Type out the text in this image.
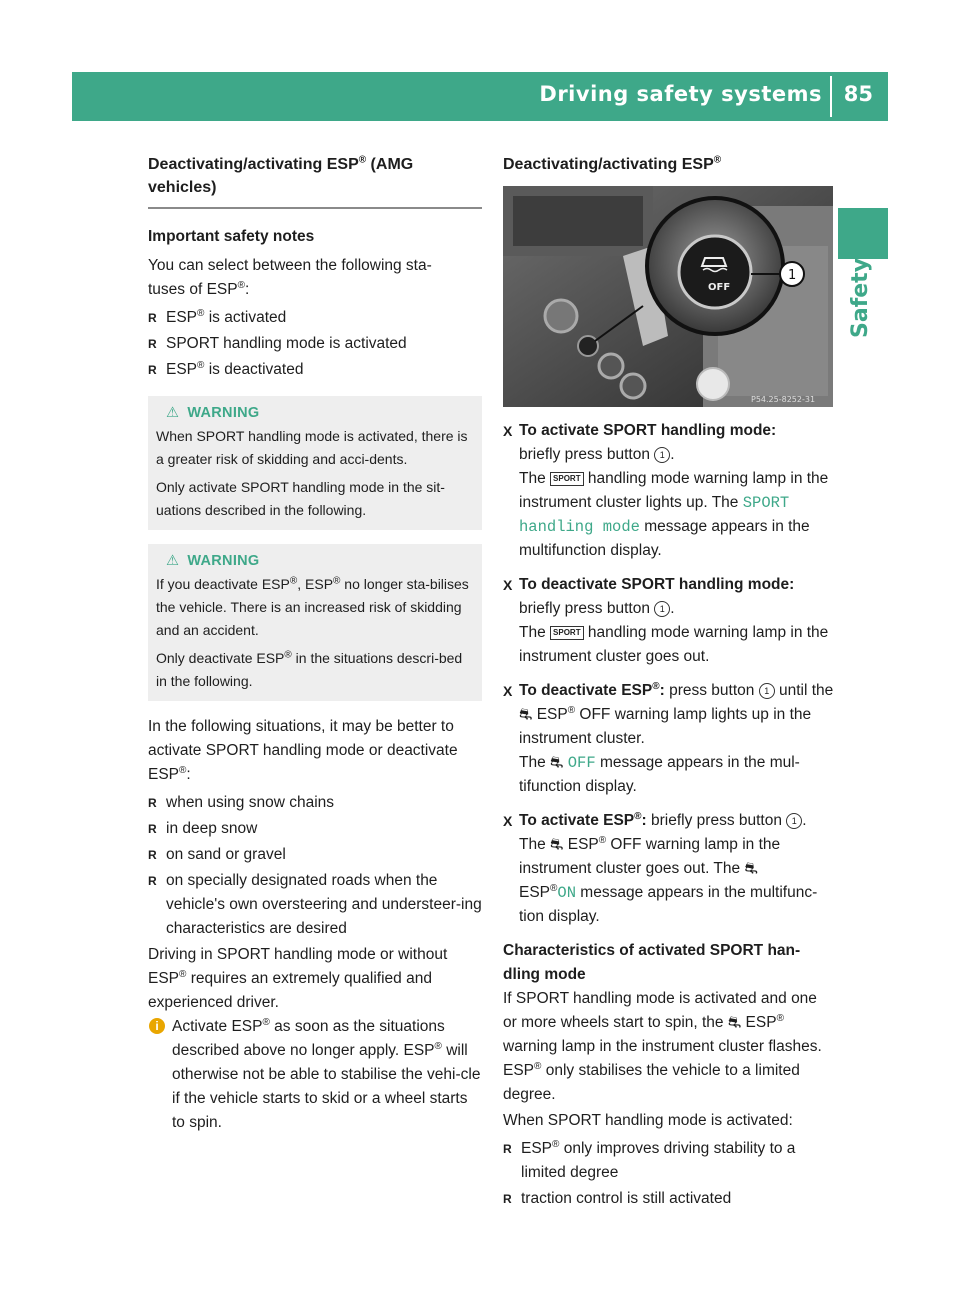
Driving safety systems 85
Safety
Deactivating/activating ESP® (AMG
vehicles)

Important safety notes

You can select between the following sta-
tuses of ESP®:

R ESP® is activated

R SPORT handling mode is activated

R ESP® is deactivated

⚠ WARNING

When SPORT handling mode is activated, there is a greater risk of skidding and acci-dents.

Only activate SPORT handling mode in the sit-uations described in the following.

⚠ WARNING

If you deactivate ESP®, ESP® no longer sta-bilises the vehicle. There is an increased risk of skidding and an accident.

Only deactivate ESP® in the situations descri-bed in the following.

In the following situations, it may be better to activate SPORT handling mode or deactivate ESP®:

R when using snow chains

R in deep snow

R on sand or gravel

R on specially designated roads when the vehicle's own oversteering and understeer-ing characteristics are desired

Driving in SPORT handling mode or without ESP® requires an extremely qualified and experienced driver.

i Activate ESP® as soon as the situations described above no longer apply. ESP® will otherwise not be able to stabilise the vehi-cle if the vehicle starts to skid or a wheel starts to spin.

Deactivating/activating ESP®
OFF
1
P54.25-8252-31
X To activate SPORT handling mode:

briefly press button 1 .

The SPORT handling mode warning lamp in the instrument cluster lights up. The SPORT handling mode message appears in the multifunction display.

X To deactivate SPORT handling mode:

briefly press button 1 .

The SPORT handling mode warning lamp in the instrument cluster goes out.

X To deactivate ESP®: press button 1 until the ⛐ ESP® OFF warning lamp lights up in the instrument cluster.

The ⛐ OFF message appears in the mul-tifunction display.

X To activate ESP®: briefly press button 1 .

The ⛐ ESP® OFF warning lamp in the instrument cluster goes out. The ⛐

ESP®ON message appears in the multifunc-tion display.

Characteristics of activated SPORT han-dling mode

If SPORT handling mode is activated and one or more wheels start to spin, the ⛐ ESP® warning lamp in the instrument cluster flashes. ESP® only stabilises the vehicle to a limited degree.

When SPORT handling mode is activated:

R ESP® only improves driving stability to a limited degree

R traction control is still activated
